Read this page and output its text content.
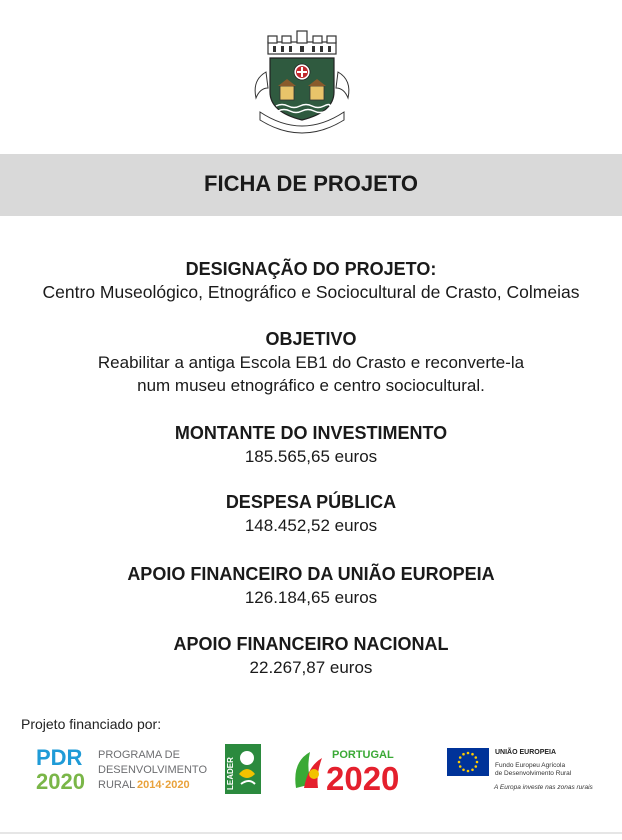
FICHA DE PROJETO
DESIGNAÇÃO DO PROJETO:
Centro Museológico, Etnográfico e Sociocultural de Crasto, Colmeias
OBJETIVO
Reabilitar a antiga Escola EB1 do Crasto e reconverte-la
num museu etnográfico e centro sociocultural.
MONTANTE DO INVESTIMENTO
185.565,65 euros
DESPESA PÚBLICA
148.452,52 euros
APOIO FINANCEIRO DA UNIÃO EUROPEIA
126.184,65 euros
APOIO FINANCEIRO NACIONAL
22.267,87 euros
Projeto financiado por:
PDR
2020
PROGRAMA DE
DESENVOLVIMENTO
RURAL 2014·2020	LEADER
PORTUGAL
2020
UNIÃO EUROPEIA
Fundo Europeu Agrícola
de Desenvolvimento Rural
A Europa investe nas zonas rurais
